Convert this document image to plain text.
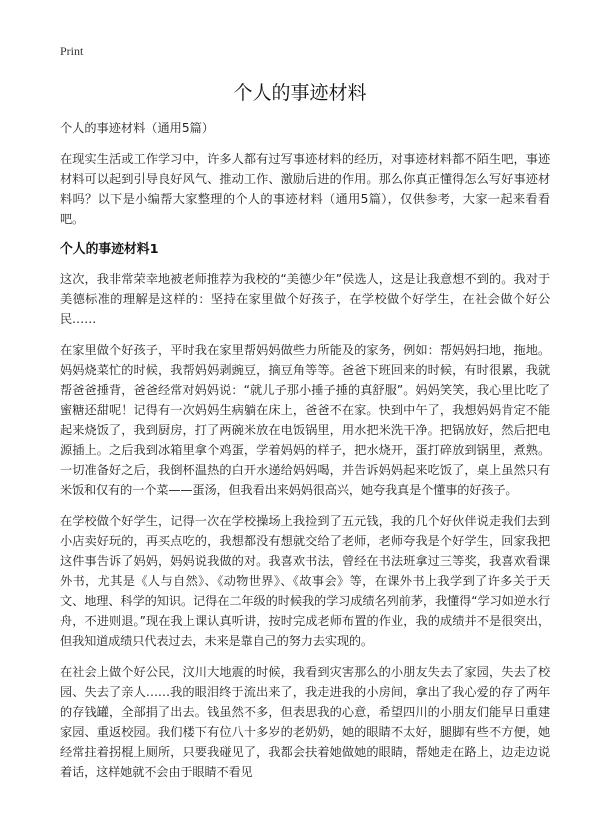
Print
个人的事迹材料

个人的事迹材料（通用5篇）

在现实生活或工作学习中，许多人都有过写事迹材料的经历，对事迹材料都不陌生吧，事迹材料可以起到引导良好风气、推动工作、激励后进的作用。那么你真正懂得怎么写好事迹材料吗？以下是小编帮大家整理的个人的事迹材料（通用5篇），仅供参考，大家一起来看看吧。

个人的事迹材料1

这次，我非常荣幸地被老师推荐为我校的“美德少年”侯选人，这是让我意想不到的。我对于美德标准的理解是这样的：坚持在家里做个好孩子，在学校做个好学生，在社会做个好公民……

在家里做个好孩子，平时我在家里帮妈妈做些力所能及的家务，例如：帮妈妈扫地，拖地。妈妈烧菜忙的时候，我帮妈妈剥豌豆，摘豆角等等。爸爸下班回来的时候，有时很累，我就帮爸爸捶背，爸爸经常对妈妈说：“就儿子那小捶子捶的真舒服”。妈妈笑笑，我心里比吃了蜜糖还甜呢！记得有一次妈妈生病躺在床上，爸爸不在家。快到中午了，我想妈妈肯定不能起来烧饭了，我到厨房，打了两碗米放在电饭锅里，用水把米洗干净。把锅放好，然后把电源插上。之后我到冰箱里拿个鸡蛋，学着妈妈的样子，把水烧开，蛋打碎放到锅里，煮熟。一切准备好之后，我倒杯温热的白开水递给妈妈喝，并告诉妈妈起来吃饭了，桌上虽然只有米饭和仅有的一个菜——蛋汤，但我看出来妈妈很高兴，她夸我真是个懂事的好孩子。

在学校做个好学生，记得一次在学校操场上我捡到了五元钱，我的几个好伙伴说走我们去到小店卖好玩的，再买点吃的，我想都没有想就交给了老师，老师夸我是个好学生，回家我把这件事告诉了妈妈，妈妈说我做的对。我喜欢书法，曾经在书法班拿过三等奖，我喜欢看课外书，尤其是《人与自然》、《动物世界》、《故事会》等，在课外书上我学到了许多关于天文、地理、科学的知识。记得在二年级的时候我的学习成绩名列前茅，我懂得“学习如逆水行舟，不进则退。”现在我上课认真听讲，按时完成老师布置的作业，我的成绩并不是很突出，但我知道成绩只代表过去，未来是靠自己的努力去实现的。

在社会上做个好公民，汶川大地震的时候，我看到灾害那么的小朋友失去了家园，失去了校园、失去了亲人……我的眼泪终于流出来了，我走进我的小房间，拿出了我心爱的存了两年的存钱罐，全部捐了出去。钱虽然不多，但表思我的心意，希望四川的小朋友们能早日重建家园、重返校园。我们楼下有位八十多岁的老奶奶，她的眼睛不太好，腿脚有些不方便，她经常拄着拐棍上厕所，只要我碰见了，我都会扶着她做她的眼睛，帮她走在路上，边走边说着话，这样她就不会由于眼睛不看见
